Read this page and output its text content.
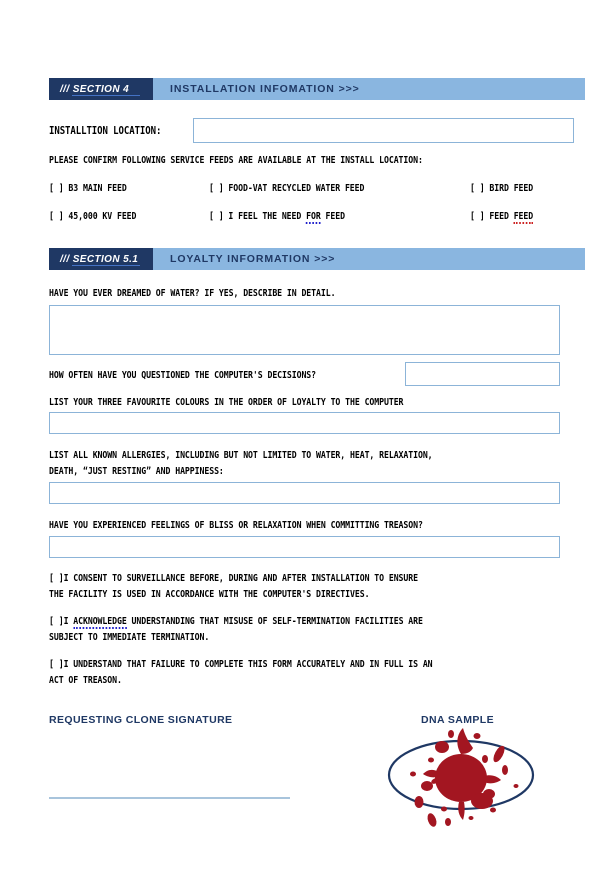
/// SECTION 4	INSTALLATION INFOMATION >>>
INSTALLTION LOCATION:
PLEASE CONFIRM FOLLOWING SERVICE FEEDS ARE AVAILABLE AT THE INSTALL LOCATION:
[ ] B3 MAIN FEED	[ ] FOOD-VAT RECYCLED WATER FEED	[ ] BIRD FEED
[ ] 45,000 KV FEED	[ ] I FEEL THE NEED FOR FEED	[ ] FEED FEED
/// SECTION 5.1	LOYALTY INFORMATION >>>
HAVE YOU EVER DREAMED OF WATER? IF YES, DESCRIBE IN DETAIL.
HOW OFTEN HAVE YOU QUESTIONED THE COMPUTER'S DECISIONS?
LIST YOUR THREE FAVOURITE COLOURS IN THE ORDER OF LOYALTY TO THE COMPUTER
LIST ALL KNOWN ALLERGIES, INCLUDING BUT NOT LIMITED TO WATER, HEAT, RELAXATION,
DEATH, “JUST RESTING” AND HAPPINESS:
HAVE YOU EXPERIENCED FEELINGS OF BLISS OR RELAXATION WHEN COMMITTING TREASON?
[ ]I CONSENT TO SURVEILLANCE BEFORE, DURING AND AFTER INSTALLATION TO ENSURE
THE FACILITY IS USED IN ACCORDANCE WITH THE COMPUTER'S DIRECTIVES.
[ ]I ACKNOWLEDGE UNDERSTANDING THAT MISUSE OF SELF-TERMINATION FACILITIES ARE
SUBJECT TO IMMEDIATE TERMINATION.
[ ]I UNDERSTAND THAT FAILURE TO COMPLETE THIS FORM ACCURATELY AND IN FULL IS AN
ACT OF TREASON.
REQUESTING CLONE SIGNATURE	DNA SAMPLE
